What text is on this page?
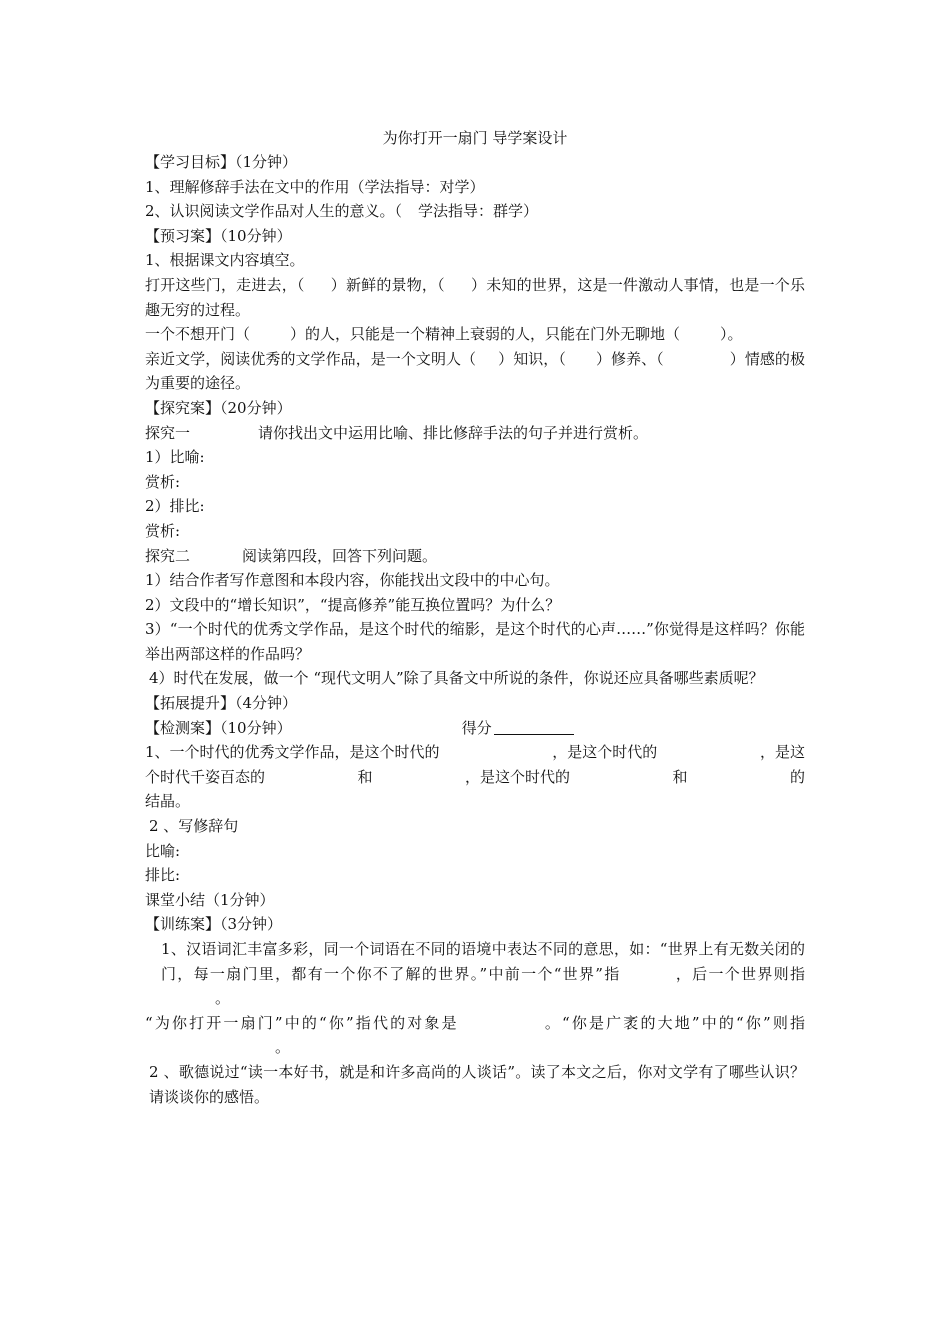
为你打开一扇门 导学案设计
【学习目标】（1分钟）
1、理解修辞手法在文中的作用（学法指导：对学）
2、认识阅读文学作品对人生的意义。（ 学法指导：群学）
【预习案】（10分钟）
1、根据课文内容填空。
打开这些门，走进去，（ ）新鲜的景物，（ ）未知的世界，这是一件激动人事情，也是一个乐趣无穷的过程。
一个不想开门（	）的人，只能是一个精神上衰弱的人，只能在门外无聊地（	）。
亲近文学，阅读优秀的文学作品，是一个文明人（ ）知识，（ ）修养、（	）情感的极为重要的途径。
【探究案】（20分钟）
探究一	请你找出文中运用比喻、排比修辞手法的句子并进行赏析。
1）比喻:
赏析:
2）排比:
赏析:
探究二	阅读第四段，回答下列问题。
1）结合作者写作意图和本段内容，你能找出文段中的中心句。
2）文段中的“增长知识”，“提高修养”能互换位置吗？为什么？
3）“一个时代的优秀文学作品，是这个时代的缩影，是这个时代的心声……”你觉得是这样吗？你能举出两部这样的作品吗？
4）时代在发展，做一个 “现代文明人”除了具备文中所说的条件，你说还应具备哪些素质呢？
【拓展提升】（4分钟）
【检测案】（10分钟）	得分
1、一个时代的优秀文学作品，是这个时代的	，是这个时代的	，是这
个时代千姿百态的	和	，是这个时代的	和	的
结晶。
2 、写修辞句
比喻:
排比:
课堂小结（1分钟）
【训练案】（3分钟）
1、汉语词汇丰富多彩，同一个词语在不同的语境中表达不同的意思，如：“世界上有无数关闭的门，每一扇门里，都有一个你不了解的世界。”中前一个“世界”指	，后一个世界则指。
“为你打开一扇门”中的“你”指代的对象是	。“你是广袤的大地”中的“你”则指。
2 、歌德说过“读一本好书，就是和许多高尚的人谈话”。读了本文之后，你对文学有了哪些认识？请谈谈你的感悟。
